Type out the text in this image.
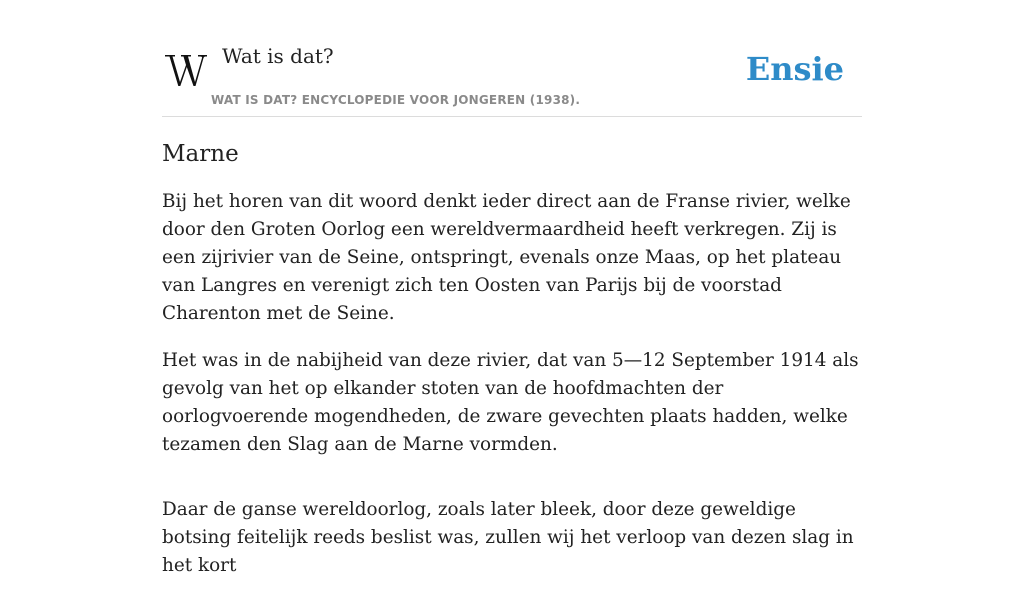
Wat is dat?
WAT IS DAT? ENCYCLOPEDIE VOOR JONGEREN (1938).
Ensie
Marne

Bij het horen van dit woord denkt ieder direct aan de Franse rivier, welke door den Groten Oorlog een wereldvermaardheid heeft verkregen. Zij is een zijrivier van de Seine, ontspringt, evenals onze Maas, op het plateau van Langres en verenigt zich ten Oosten van Parijs bij de voorstad Charenton met de Seine.

Het was in de nabijheid van deze rivier, dat van 5—12 September 1914 als gevolg van het op elkander stoten van de hoofdmachten der oorlogvoerende mogendheden, de zware gevechten plaats hadden, welke tezamen den Slag aan de Marne vormden.

Daar de ganse wereldoorlog, zoals later bleek, door deze geweldige botsing feitelijk reeds beslist was, zullen wij het verloop van dezen slag in het kort
